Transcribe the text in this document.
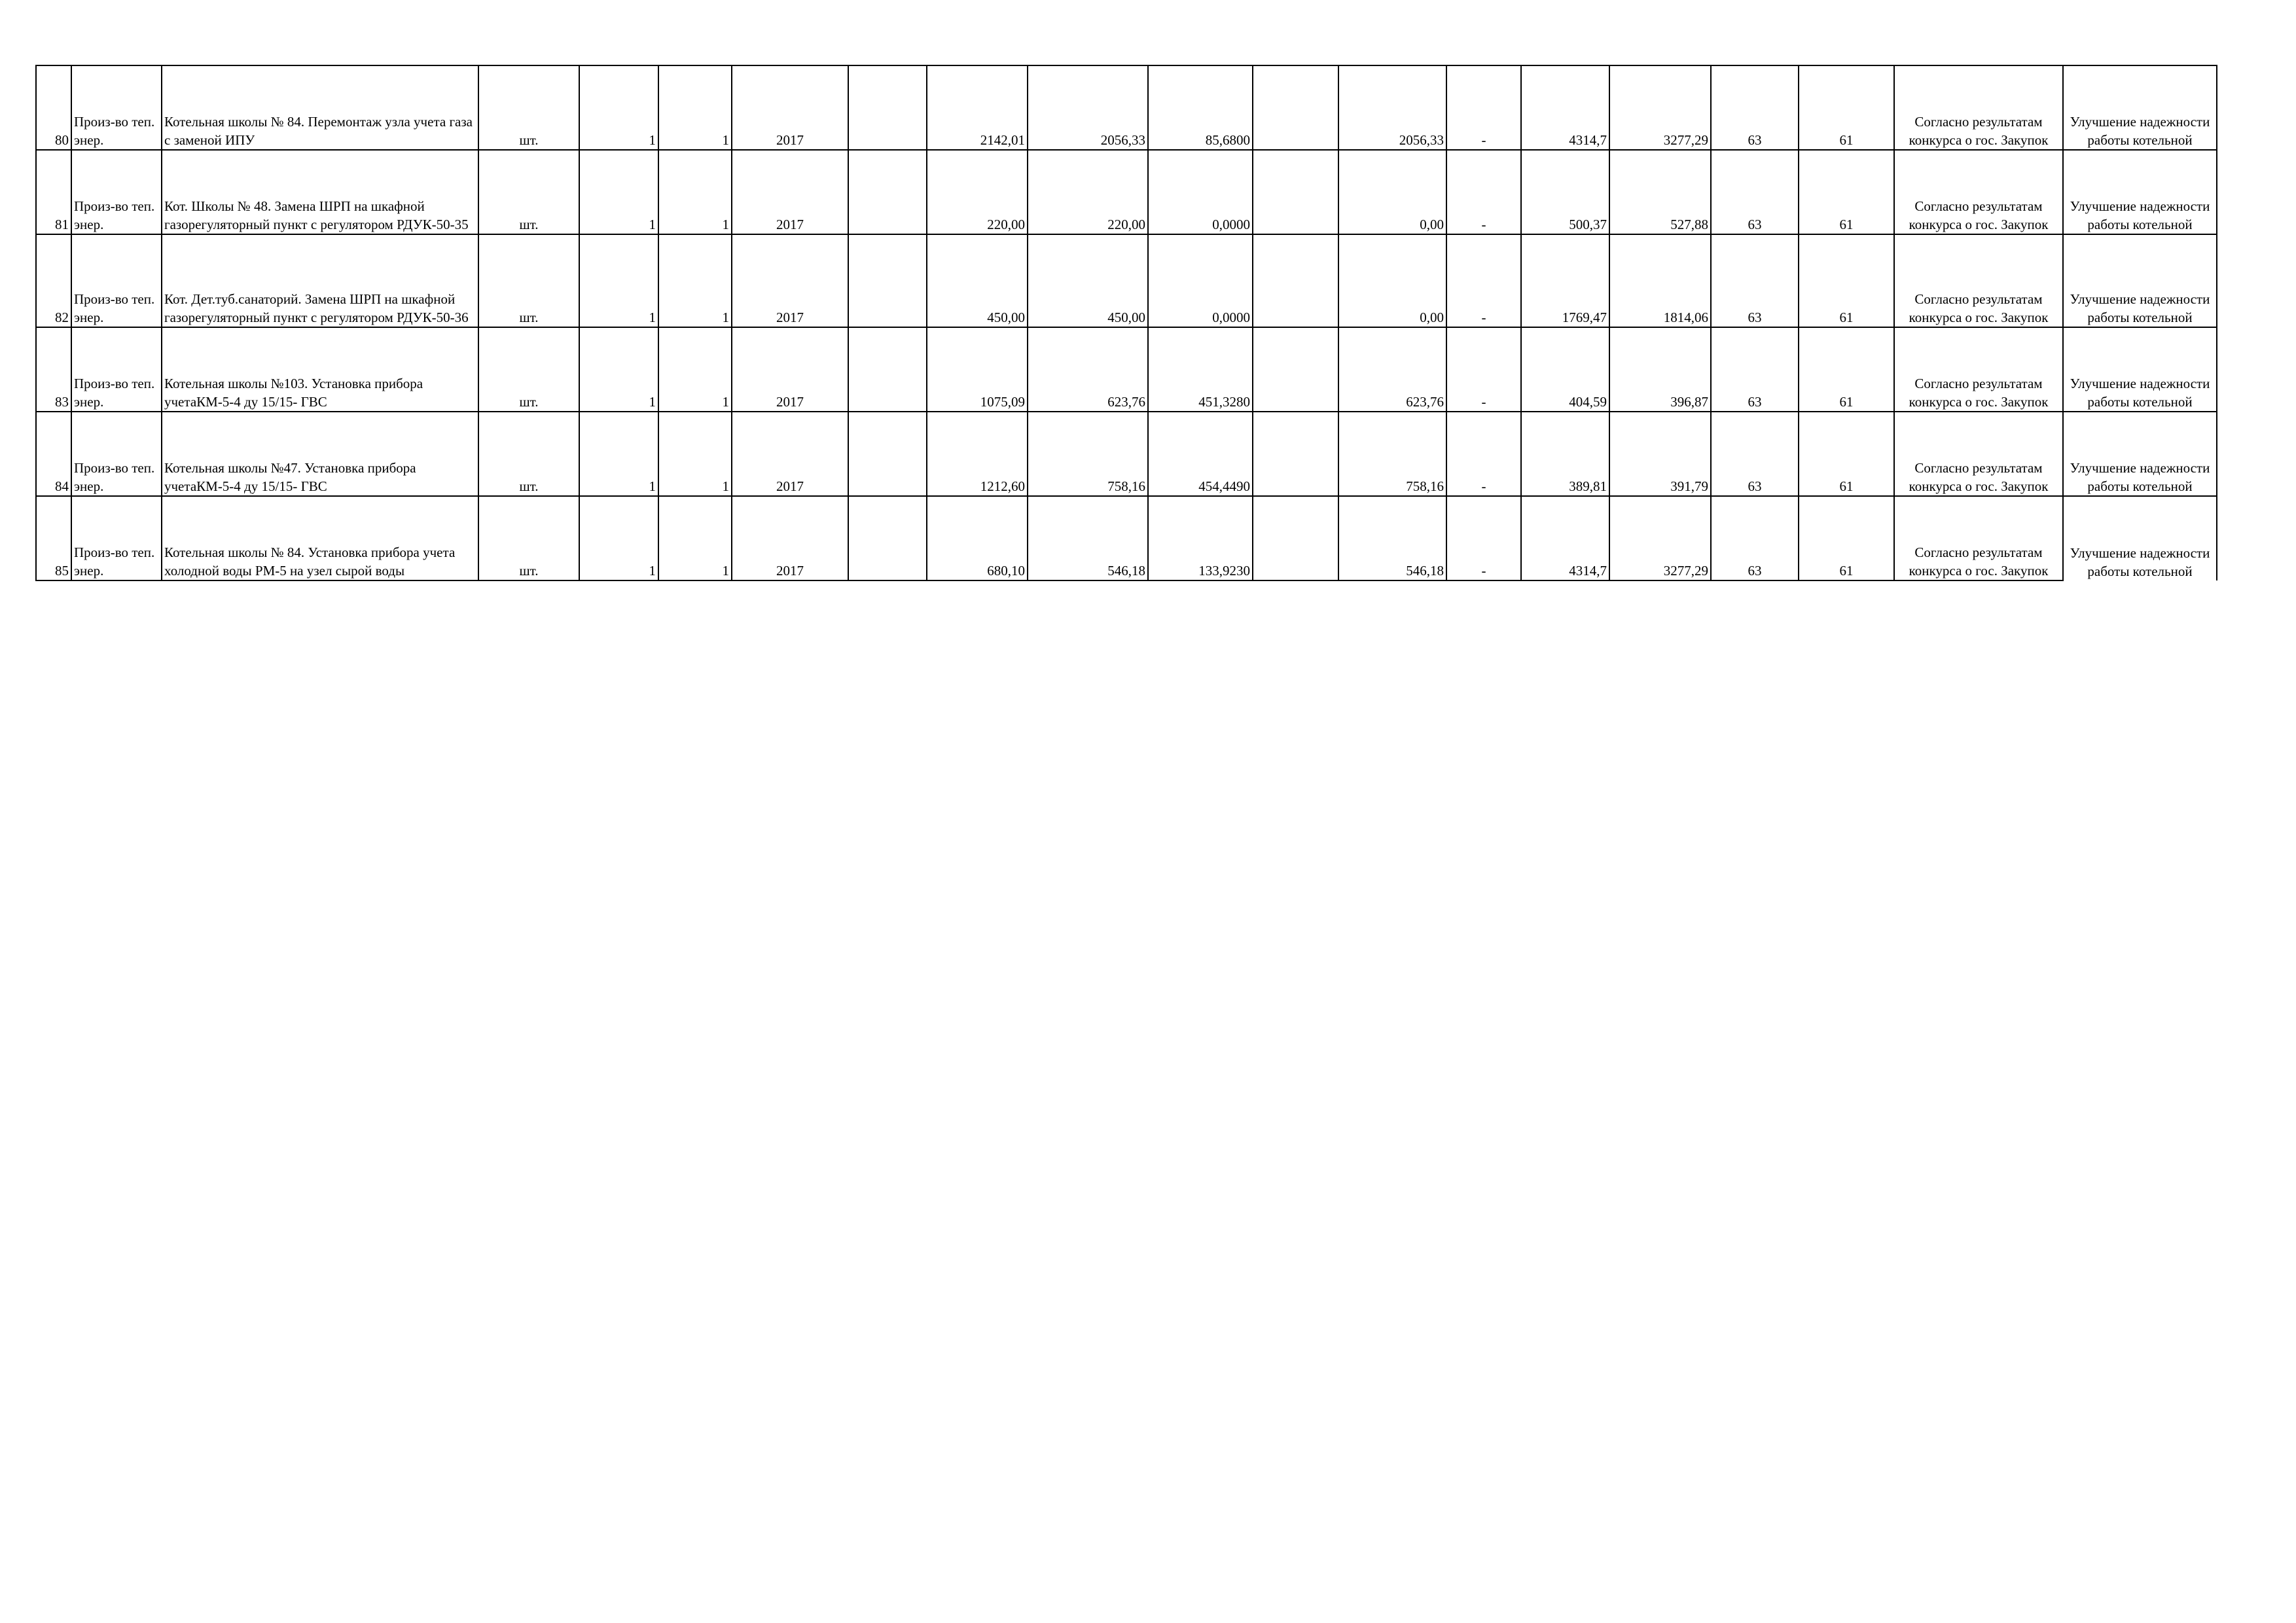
80	Произ-во теп. энер.	Котельная школы № 84. Перемонтаж узла учета газа с заменой ИПУ	шт.	1	1	2017		2142,01	2056,33	85,6800		2056,33	-	4314,7	3277,29	63	61	Согласно результатам конкурса о гос. Закупок	Улучшение надежности работы котельной
81	Произ-во теп. энер.	Кот. Школы № 48. Замена ШРП на шкафной газорегуляторный пункт с регулятором РДУК-50-35	шт.	1	1	2017		220,00	220,00	0,0000		0,00	-	500,37	527,88	63	61	Согласно результатам конкурса о гос. Закупок	Улучшение надежности работы котельной
82	Произ-во теп. энер.	Кот. Дет.туб.санаторий. Замена ШРП на шкафной газорегуляторный пункт с регулятором РДУК-50-36	шт.	1	1	2017		450,00	450,00	0,0000		0,00	-	1769,47	1814,06	63	61	Согласно результатам конкурса о гос. Закупок	Улучшение надежности работы котельной
83	Произ-во теп. энер.	Котельная школы №103. Установка прибора учетаКМ-5-4 ду 15/15- ГВС	шт.	1	1	2017		1075,09	623,76	451,3280		623,76	-	404,59	396,87	63	61	Согласно результатам конкурса о гос. Закупок	Улучшение надежности работы котельной
84	Произ-во теп. энер.	Котельная школы №47. Установка прибора учетаКМ-5-4 ду 15/15- ГВС	шт.	1	1	2017		1212,60	758,16	454,4490		758,16	-	389,81	391,79	63	61	Согласно результатам конкурса о гос. Закупок	Улучшение надежности работы котельной
85	Произ-во теп. энер.	Котельная школы № 84. Установка прибора учета холодной воды РМ-5 на узел сырой воды	шт.	1	1	2017		680,10	546,18	133,9230		546,18	-	4314,7	3277,29	63	61	Согласно результатам конкурса о гос. Закупок	Улучшение надежности работы котельной
